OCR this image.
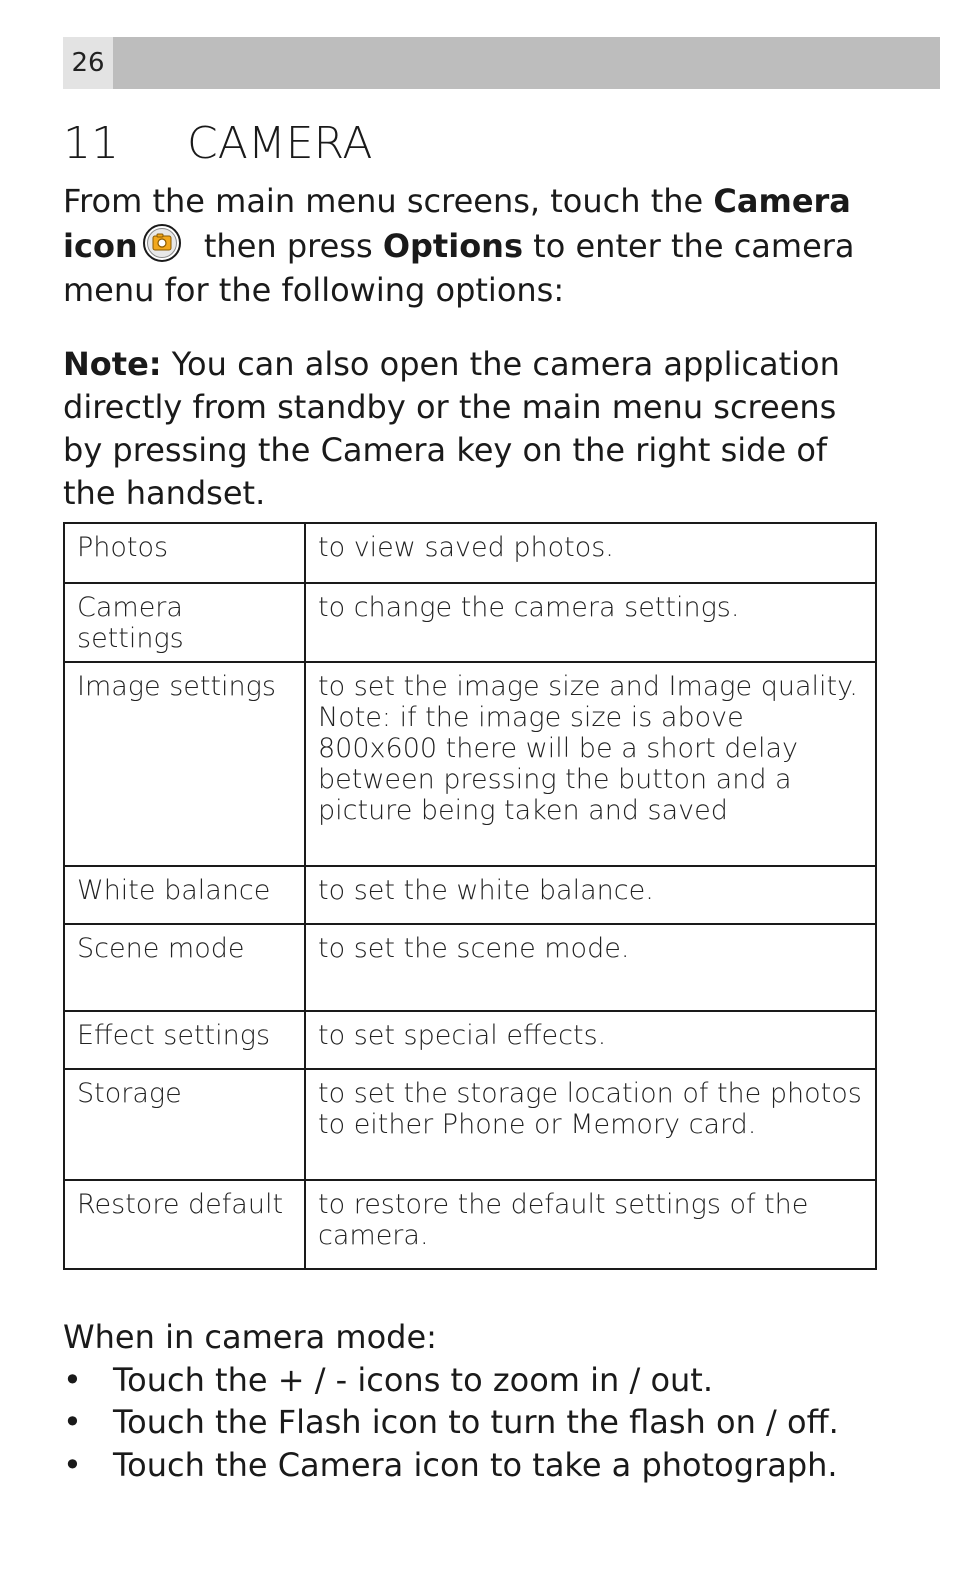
26
11 CAMERA
From the main menu screens, touch the Camera icon then press Options to enter the camera menu for the following options:
Note: You can also open the camera application directly from standby or the main menu screens by pressing the Camera key on the right side of the handset.
Photos	to view saved photos.

Camera settings	to change the camera settings.

Image settings	to set the image size and Image quality.
Note: if the image size is above 800x600 there will be a short delay between pressing the button and a picture being taken and saved

White balance	to set the white balance.

Scene mode	to set the scene mode.

Effect settings	to set special effects.

Storage	to set the storage location of the photos to either Phone or Memory card.

Restore default	to restore the default settings of the camera.
When in camera mode:
• Touch the + / - icons to zoom in / out.
• Touch the Flash icon to turn the flash on / off.
• Touch the Camera icon to take a photograph.
